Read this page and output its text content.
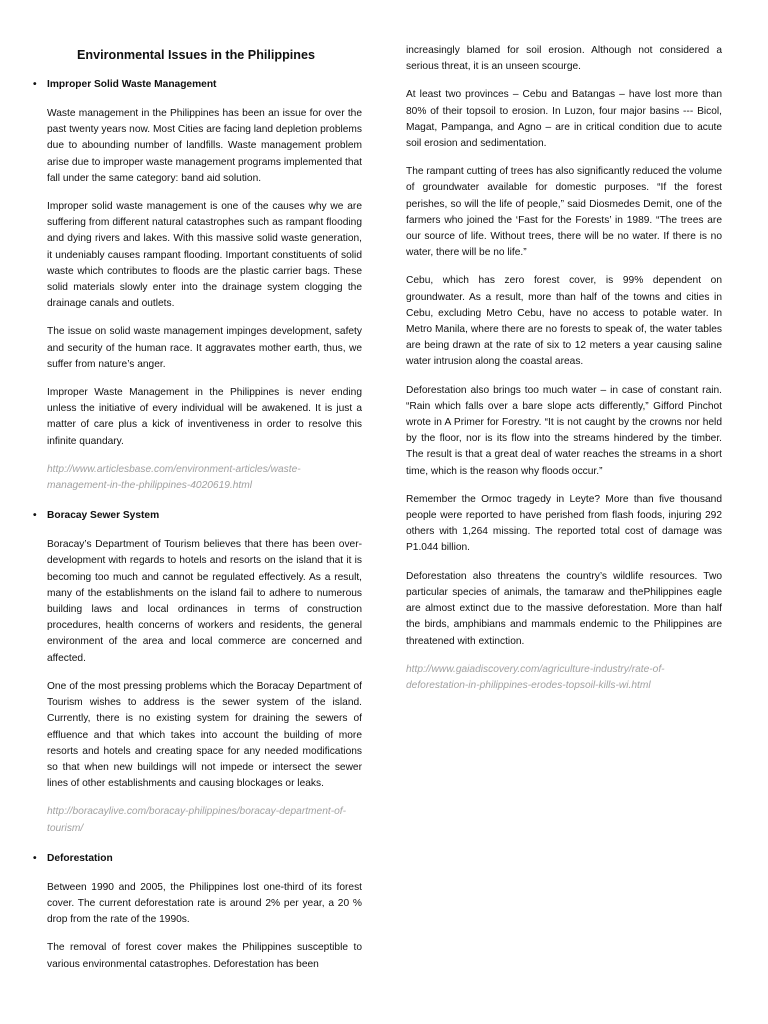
Environmental Issues in the Philippines
• Improper Solid Waste Management

Waste management in the Philippines has been an issue for over the past twenty years now. Most Cities are facing land depletion problems due to abounding number of landfills. Waste management problem arise due to improper waste management programs implemented that fall under the same category: band aid solution.

Improper solid waste management is one of the causes why we are suffering from different natural catastrophes such as rampant flooding and dying rivers and lakes. With this massive solid waste generation, it undeniably causes rampant flooding. Important constituents of solid waste which contributes to floods are the plastic carrier bags. These solid materials slowly enter into the drainage system clogging the drainage canals and outlets.

The issue on solid waste management impinges development, safety and security of the human race. It aggravates mother earth, thus, we suffer from nature’s anger.

Improper Waste Management in the Philippines is never ending unless the initiative of every individual will be awakened. It is just a matter of care plus a kick of inventiveness in order to resolve this infinite quandary.

http://www.articlesbase.com/environment-articles/waste-management-in-the-philippines-4020619.html

• Boracay Sewer System

Boracay’s Department of Tourism believes that there has been over-development with regards to hotels and resorts on the island that it is becoming too much and cannot be regulated effectively. As a result, many of the establishments on the island fail to adhere to numerous building laws and local ordinances in terms of construction procedures, health concerns of workers and residents, the general environment of the area and local commerce are concerned and affected.

One of the most pressing problems which the Boracay Department of Tourism wishes to address is the sewer system of the island. Currently, there is no existing system for draining the sewers of effluence and that which takes into account the building of more resorts and hotels and creating space for any needed modifications so that when new buildings will not impede or intersect the sewer lines of other establishments and causing blockages or leaks.

http://boracaylive.com/boracay-philippines/boracay-department-of-tourism/

• Deforestation

Between 1990 and 2005, the Philippines lost one-third of its forest cover. The current deforestation rate is around 2% per year, a 20 % drop from the rate of the 1990s.

The removal of forest cover makes the Philippines susceptible to various environmental catastrophes. Deforestation has been

increasingly blamed for soil erosion. Although not considered a serious threat, it is an unseen scourge.

At least two provinces – Cebu and Batangas – have lost more than 80% of their topsoil to erosion. In Luzon, four major basins --- Bicol, Magat, Pampanga, and Agno – are in critical condition due to acute soil erosion and sedimentation.

The rampant cutting of trees has also significantly reduced the volume of groundwater available for domestic purposes. “If the forest perishes, so will the life of people,” said Diosmedes Demit, one of the farmers who joined the ‘Fast for the Forests’ in 1989. “The trees are our source of life. Without trees, there will be no water. If there is no water, there will be no life.”

Cebu, which has zero forest cover, is 99% dependent on groundwater. As a result, more than half of the towns and cities in Cebu, excluding Metro Cebu, have no access to potable water. In Metro Manila, where there are no forests to speak of, the water tables are being drawn at the rate of six to 12 meters a year causing saline water intrusion along the coastal areas.

Deforestation also brings too much water – in case of constant rain. “Rain which falls over a bare slope acts differently,” Gifford Pinchot wrote in A Primer for Forestry. “It is not caught by the crowns nor held by the floor, nor is its flow into the streams hindered by the timber. The result is that a great deal of water reaches the streams in a short time, which is the reason why floods occur.”

Remember the Ormoc tragedy in Leyte? More than five thousand people were reported to have perished from flash foods, injuring 292 others with 1,264 missing. The reported total cost of damage was P1.044 billion.

Deforestation also threatens the country’s wildlife resources. Two particular species of animals, the tamaraw and thePhilippines eagle are almost extinct due to the massive deforestation. More than half the birds, amphibians and mammals endemic to the Philippines are threatened with extinction.

http://www.gaiadiscovery.com/agriculture-industry/rate-of-deforestation-in-philippines-erodes-topsoil-kills-wi.html
